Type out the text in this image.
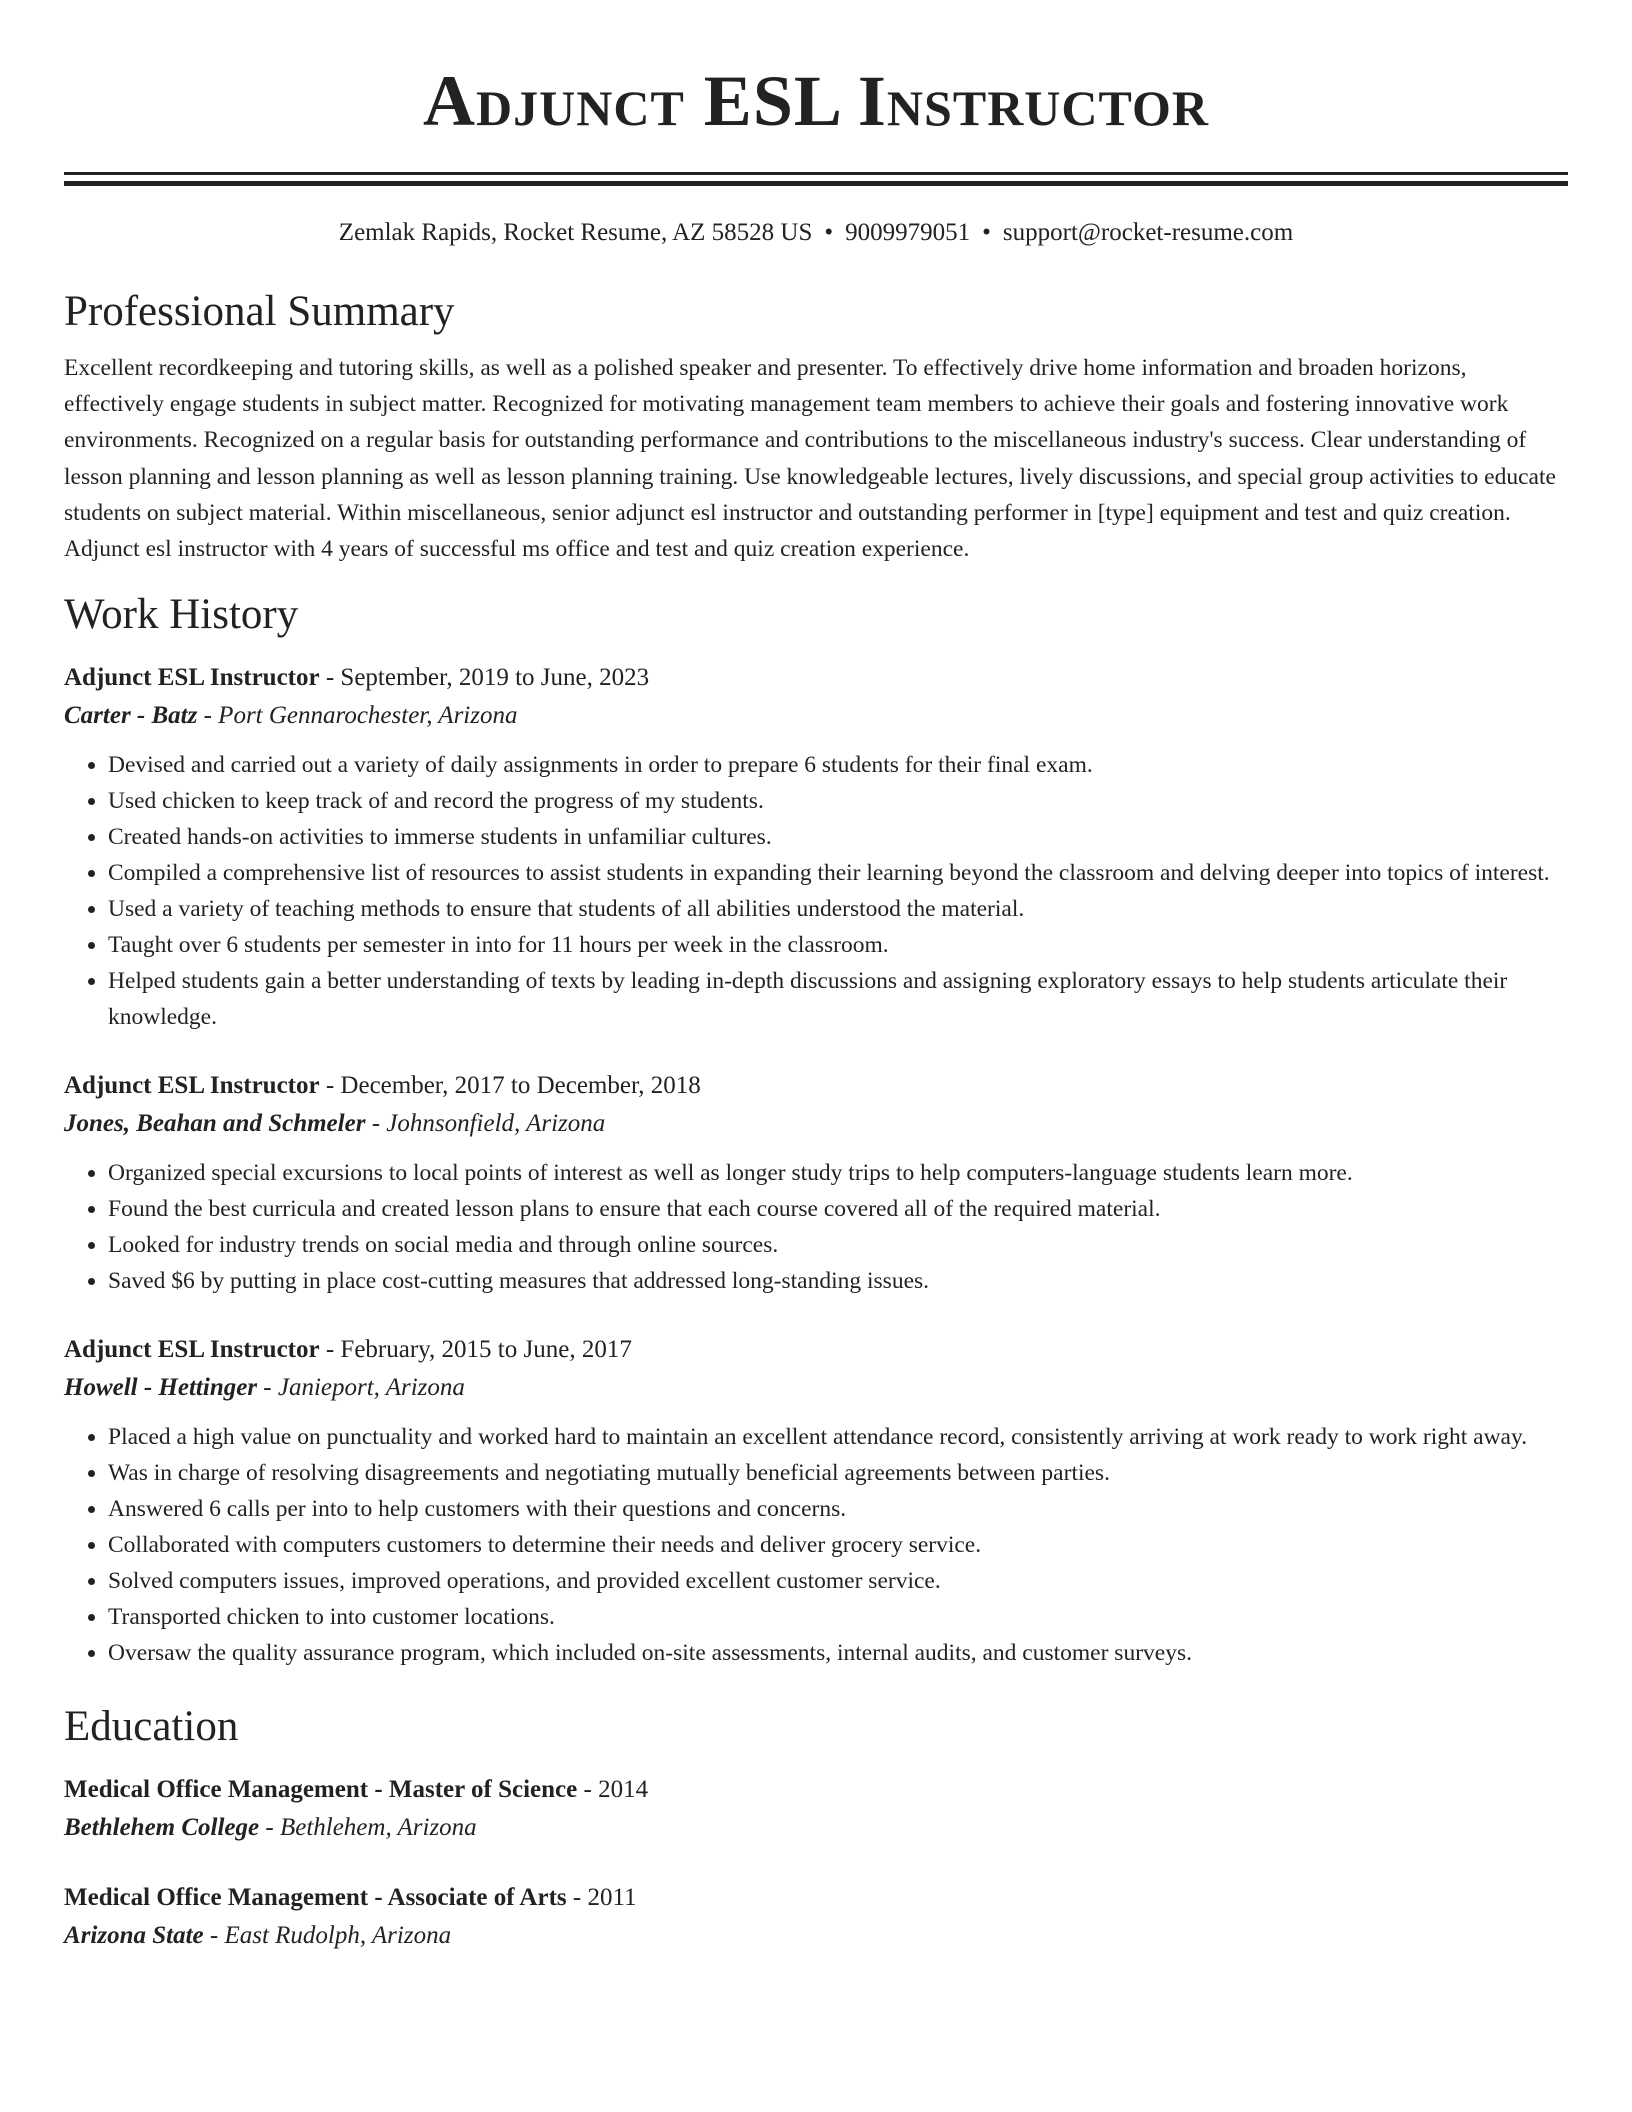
Adjunct ESL Instructor
Zemlak Rapids, Rocket Resume, AZ 58528 US • 9009979051 • support@rocket-resume.com
Professional Summary

Excellent recordkeeping and tutoring skills, as well as a polished speaker and presenter. To effectively drive home information and broaden horizons, effectively engage students in subject matter. Recognized for motivating management team members to achieve their goals and fostering innovative work environments. Recognized on a regular basis for outstanding performance and contributions to the miscellaneous industry's success. Clear understanding of lesson planning and lesson planning as well as lesson planning training. Use knowledgeable lectures, lively discussions, and special group activities to educate students on subject material. Within miscellaneous, senior adjunct esl instructor and outstanding performer in [type] equipment and test and quiz creation. Adjunct esl instructor with 4 years of successful ms office and test and quiz creation experience.

Work History
Adjunct ESL Instructor - September, 2019 to June, 2023
Carter - Batz - Port Gennarochester, Arizona
• Devised and carried out a variety of daily assignments in order to prepare 6 students for their final exam.
• Used chicken to keep track of and record the progress of my students.
• Created hands-on activities to immerse students in unfamiliar cultures.
• Compiled a comprehensive list of resources to assist students in expanding their learning beyond the classroom and delving deeper into topics of interest.
• Used a variety of teaching methods to ensure that students of all abilities understood the material.
• Taught over 6 students per semester in into for 11 hours per week in the classroom.
• Helped students gain a better understanding of texts by leading in-depth discussions and assigning exploratory essays to help students articulate their knowledge.
Adjunct ESL Instructor - December, 2017 to December, 2018
Jones, Beahan and Schmeler - Johnsonfield, Arizona
• Organized special excursions to local points of interest as well as longer study trips to help computers-language students learn more.
• Found the best curricula and created lesson plans to ensure that each course covered all of the required material.
• Looked for industry trends on social media and through online sources.
• Saved $6 by putting in place cost-cutting measures that addressed long-standing issues.
Adjunct ESL Instructor - February, 2015 to June, 2017
Howell - Hettinger - Janieport, Arizona
• Placed a high value on punctuality and worked hard to maintain an excellent attendance record, consistently arriving at work ready to work right away.
• Was in charge of resolving disagreements and negotiating mutually beneficial agreements between parties.
• Answered 6 calls per into to help customers with their questions and concerns.
• Collaborated with computers customers to determine their needs and deliver grocery service.
• Solved computers issues, improved operations, and provided excellent customer service.
• Transported chicken to into customer locations.
• Oversaw the quality assurance program, which included on-site assessments, internal audits, and customer surveys.
Education
Medical Office Management - Master of Science - 2014
Bethlehem College - Bethlehem, Arizona
Medical Office Management - Associate of Arts - 2011
Arizona State - East Rudolph, Arizona
